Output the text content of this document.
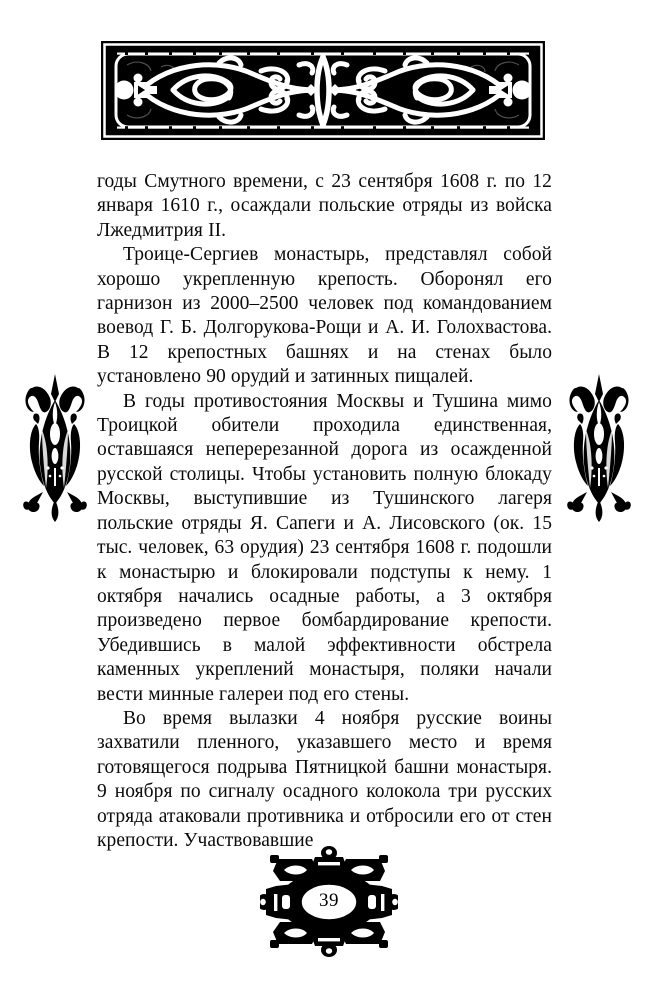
годы Смутного времени, с 23 сентября 1608 г. по 12 января 1610 г., осаждали польские отряды из войска Лжедмитрия II.

Троице-Сергиев монастырь, представлял собой хорошо укрепленную крепость. Оборонял его гарнизон из 2000–2500 человек под командованием воевод Г. Б. Долгорукова-Рощи и А. И. Голохвастова. В 12 крепостных башнях и на стенах было установлено 90 орудий и затинных пищалей.

В годы противостояния Москвы и Тушина мимо Троицкой обители проходила единственная, оставшаяся неперерезанной дорога из осажденной русской столицы. Чтобы установить полную блокаду Москвы, выступившие из Тушинского лагеря польские отряды Я. Сапеги и А. Лисовского (ок. 15 тыс. человек, 63 орудия) 23 сентября 1608 г. подошли к монастырю и блокировали подступы к нему. 1 октября начались осадные работы, а 3 октября произведено первое бомбардирование крепости. Убедившись в малой эффективности обстрела каменных укреплений монастыря, поляки начали вести минные галереи под его стены.

Во время вылазки 4 ноября русские воины захватили пленного, указавшего место и время готовящегося подрыва Пятницкой башни монастыря. 9 ноября по сигналу осадного колокола три русских отряда атаковали противника и отбросили его от стен крепости. Участвовавшие

39
